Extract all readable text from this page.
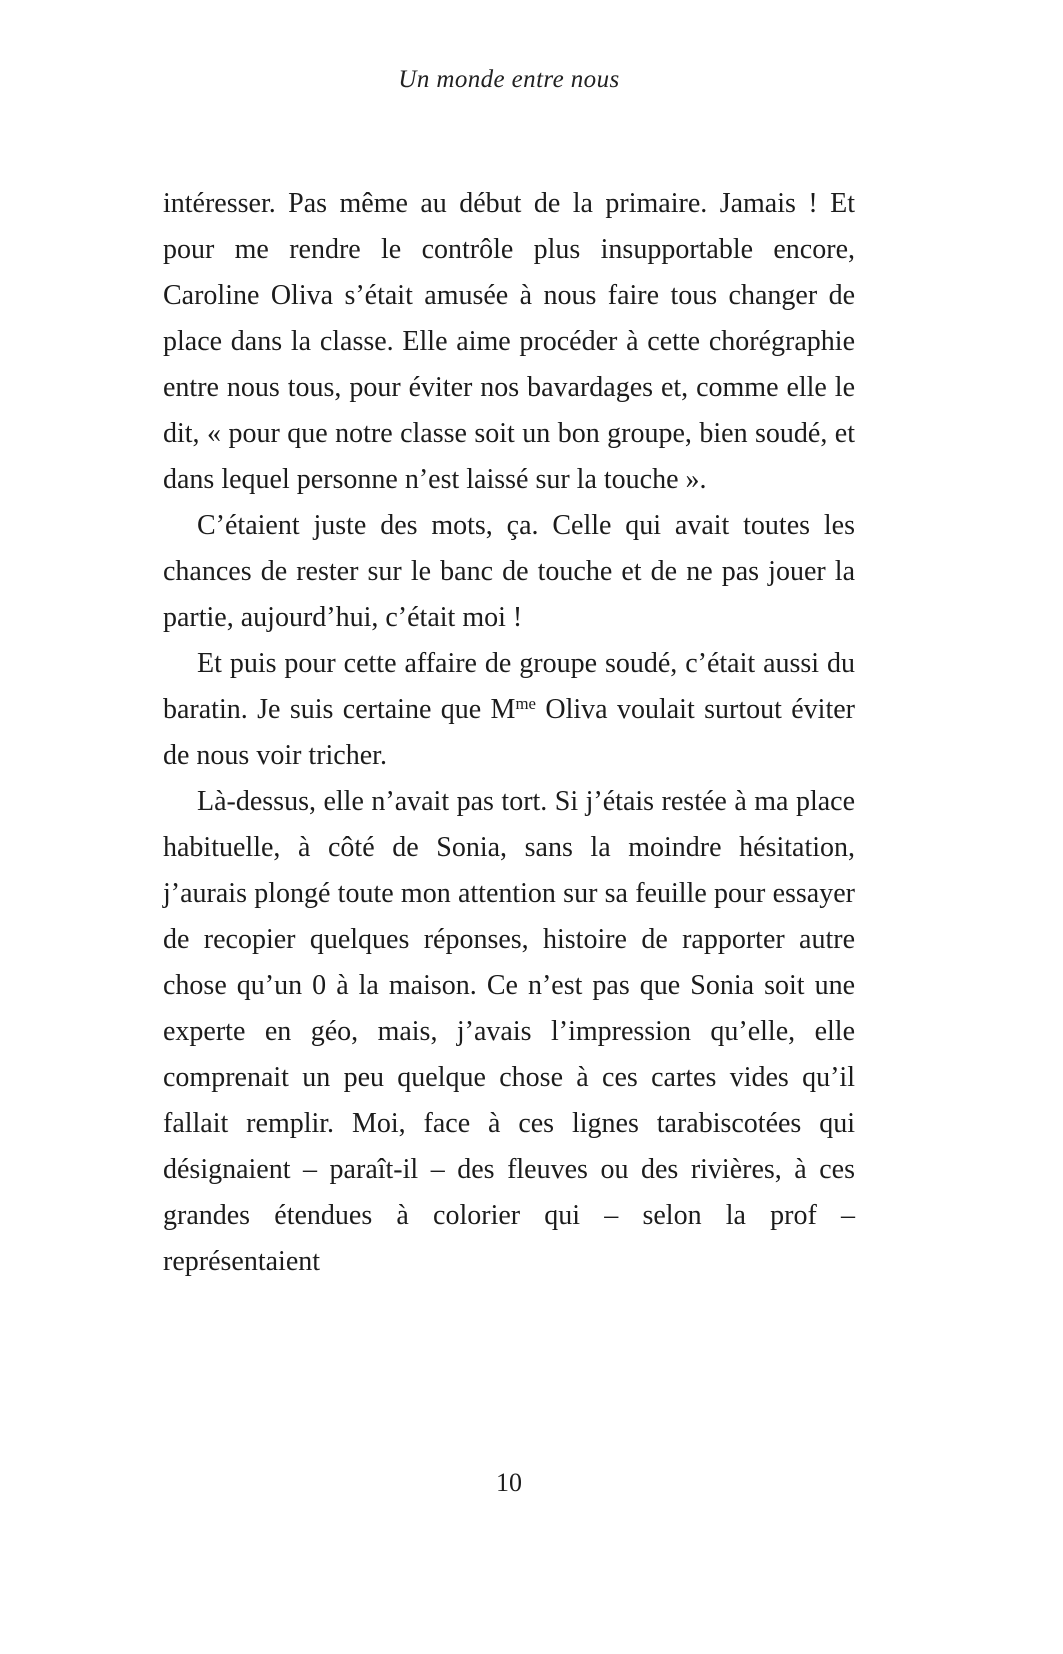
Un monde entre nous

intéresser. Pas même au début de la primaire. Jamais ! Et pour me rendre le contrôle plus insupportable encore, Caroline Oliva s’était amusée à nous faire tous changer de place dans la classe. Elle aime procéder à cette chorégraphie entre nous tous, pour éviter nos bavardages et, comme elle le dit, « pour que notre classe soit un bon groupe, bien soudé, et dans lequel personne n’est laissé sur la touche ».

C’étaient juste des mots, ça. Celle qui avait toutes les chances de rester sur le banc de touche et de ne pas jouer la partie, aujourd’hui, c’était moi !

Et puis pour cette affaire de groupe soudé, c’était aussi du baratin. Je suis certaine que $M^{me}$ Oliva voulait surtout éviter de nous voir tricher.

Là-dessus, elle n’avait pas tort. Si j’étais restée à ma place habituelle, à côté de Sonia, sans la moindre hésitation, j’aurais plongé toute mon attention sur sa feuille pour essayer de recopier quelques réponses, histoire de rapporter autre chose qu’un 0 à la maison. Ce n’est pas que Sonia soit une experte en géo, mais, j’avais l’impression qu’elle, elle comprenait un peu quelque chose à ces cartes vides qu’il fallait remplir. Moi, face à ces lignes tarabiscotées qui désignaient – paraît-il – des fleuves ou des rivières, à ces grandes étendues à colorier qui – selon la prof – représentaient

10
